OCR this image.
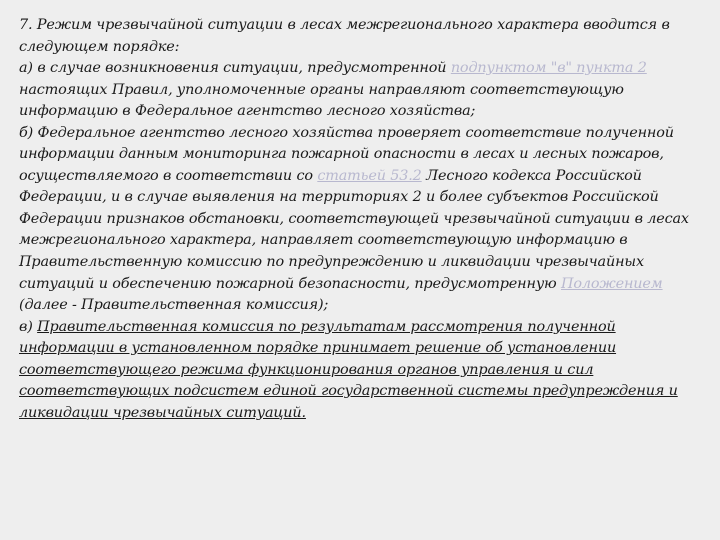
7. Режим чрезвычайной ситуации в лесах межрегионального характера вводится в следующем порядке:

а) в случае возникновения ситуации, предусмотренной подпунктом "в" пункта 2 настоящих Правил, уполномоченные органы направляют соответствующую информацию в Федеральное агентство лесного хозяйства;

б) Федеральное агентство лесного хозяйства проверяет соответствие полученной информации данным мониторинга пожарной опасности в лесах и лесных пожаров, осуществляемого в соответствии со статьей 53.2 Лесного кодекса Российской Федерации, и в случае выявления на территориях 2 и более субъектов Российской Федерации признаков обстановки, соответствующей чрезвычайной ситуации в лесах межрегионального характера, направляет соответствующую информацию в Правительственную комиссию по предупреждению и ликвидации чрезвычайных ситуаций и обеспечению пожарной безопасности, предусмотренную Положением (далее - Правительственная комиссия);

в) Правительственная комиссия по результатам рассмотрения полученной информации в установленном порядке принимает решение об установлении соответствующего режима функционирования органов управления и сил соответствующих подсистем единой государственной системы предупреждения и ликвидации чрезвычайных ситуаций.
